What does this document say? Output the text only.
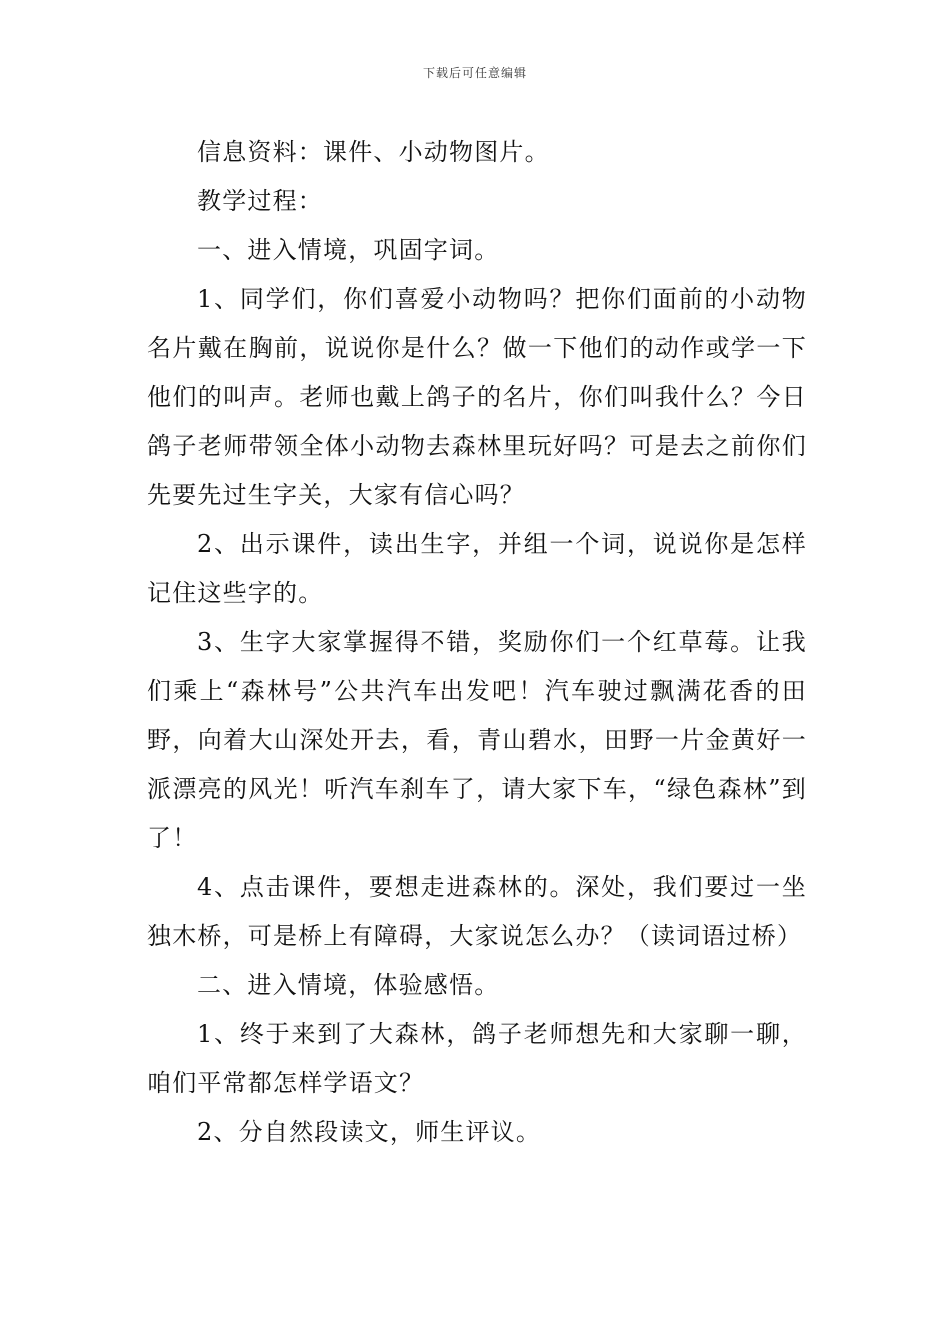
下载后可任意编辑

信息资料：课件、小动物图片。

教学过程：

一、进入情境，巩固字词。

1、同学们，你们喜爱小动物吗？把你们面前的小动物名片戴在胸前，说说你是什么？做一下他们的动作或学一下他们的叫声。老师也戴上鸽子的名片，你们叫我什么？今日鸽子老师带领全体小动物去森林里玩好吗？可是去之前你们先要先过生字关，大家有信心吗？

2、出示课件，读出生字，并组一个词，说说你是怎样记住这些字的。

3、生字大家掌握得不错，奖励你们一个红草莓。让我们乘上“森林号”公共汽车出发吧！汽车驶过飘满花香的田野，向着大山深处开去，看，青山碧水，田野一片金黄好一派漂亮的风光！听汽车刹车了，请大家下车，“绿色森林”到了！

4、点击课件，要想走进森林的。深处，我们要过一坐独木桥，可是桥上有障碍，大家说怎么办？（读词语过桥）

二、进入情境，体验感悟。

1、终于来到了大森林，鸽子老师想先和大家聊一聊，咱们平常都怎样学语文？

2、分自然段读文，师生评议。
